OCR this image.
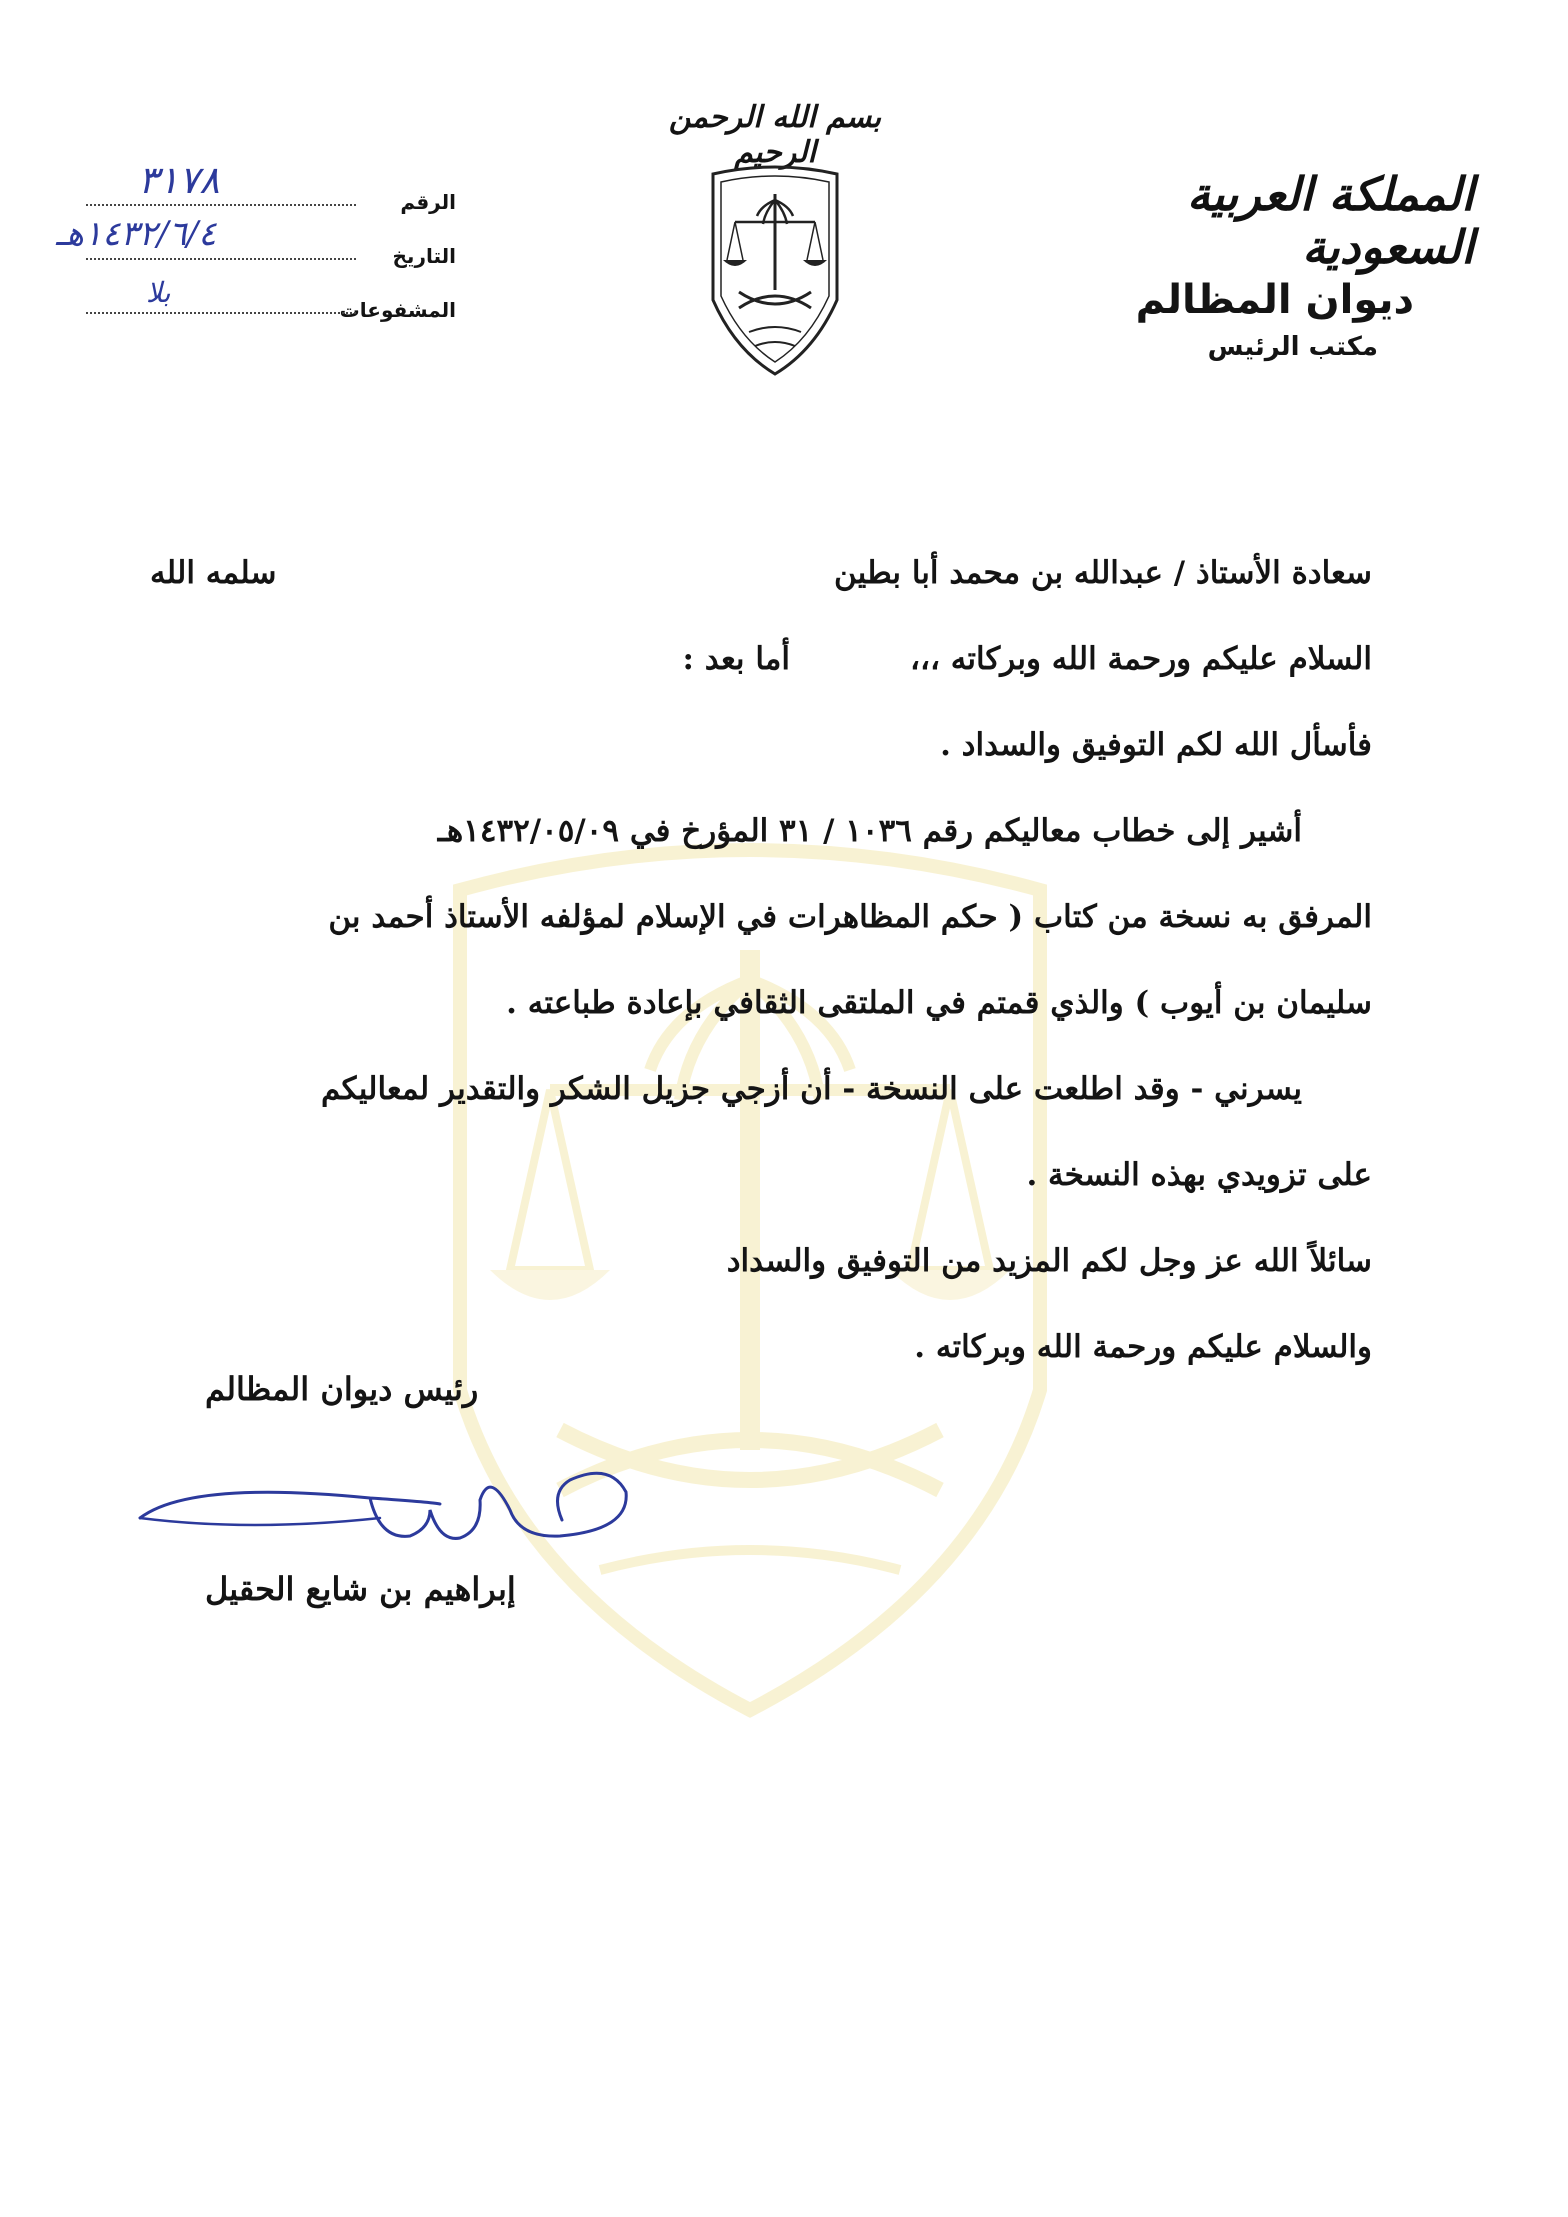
المملكة العربية السعودية
ديوان المظالم
مكتب الرئيس
بسم الله الرحمن الرحيم
الرقم
٣١٧٨
التاريخ
١٤٣٢/٦/٤هـ
المشفوعات
بلا
سعادة الأستاذ / عبدالله بن محمد أبا بطين
سلمه الله
السلام عليكم ورحمة الله وبركاته ،،،
أما بعد :
فأسأل الله لكم التوفيق والسداد .
أشير إلى خطاب معاليكم رقم ١٠٣٦ / ٣١ المؤرخ في ١٤٣٢/٠٥/٠٩هـ
المرفق به نسخة من كتاب ( حكم المظاهرات في الإسلام لمؤلفه الأستاذ أحمد بن
سليمان بن أيوب ) والذي قمتم في الملتقى الثقافي بإعادة طباعته .
يسرني - وقد اطلعت على النسخة - أن أزجي جزيل الشكر والتقدير لمعاليكم
على تزويدي بهذه النسخة .
سائلاً الله عز وجل لكم المزيد من التوفيق والسداد
والسلام عليكم ورحمة الله وبركاته .
رئيس ديوان المظالم
إبراهيم بن شايع الحقيل
